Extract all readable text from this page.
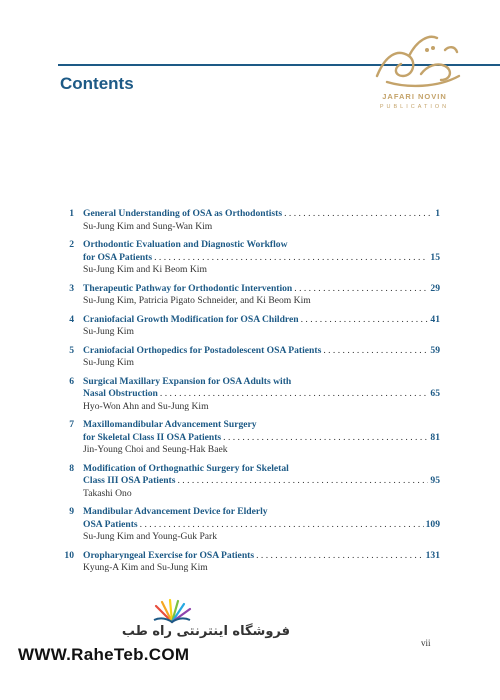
Contents
JAFARI NOVIN
PUBLICATION
1 General Understanding of OSA as Orthodontists . . .	1
Su-Jung Kim and Sung-Wan Kim
2 Orthodontic Evaluation and Diagnostic Workflow
for OSA Patients . . .	15
Su-Jung Kim and Ki Beom Kim
3 Therapeutic Pathway for Orthodontic Intervention . . .	29
Su-Jung Kim, Patricia Pigato Schneider, and Ki Beom Kim
4 Craniofacial Growth Modification for OSA Children . . .	41
Su-Jung Kim
5 Craniofacial Orthopedics for Postadolescent OSA Patients . . .	59
Su-Jung Kim
6 Surgical Maxillary Expansion for OSA Adults with
Nasal Obstruction . . .	65
Hyo-Won Ahn and Su-Jung Kim
7 Maxillomandibular Advancement Surgery
for Skeletal Class II OSA Patients . . .	81
Jin-Young Choi and Seung-Hak Baek
8 Modification of Orthognathic Surgery for Skeletal
Class III OSA Patients . . .	95
Takashi Ono
9 Mandibular Advancement Device for Elderly
OSA Patients . . .	109
Su-Jung Kim and Young-Guk Park
10 Oropharyngeal Exercise for OSA Patients . . .	131
Kyung-A Kim and Su-Jung Kim
فروشگاه اینترنتی راه طب
WWW.RaheTeb.COM
vii
